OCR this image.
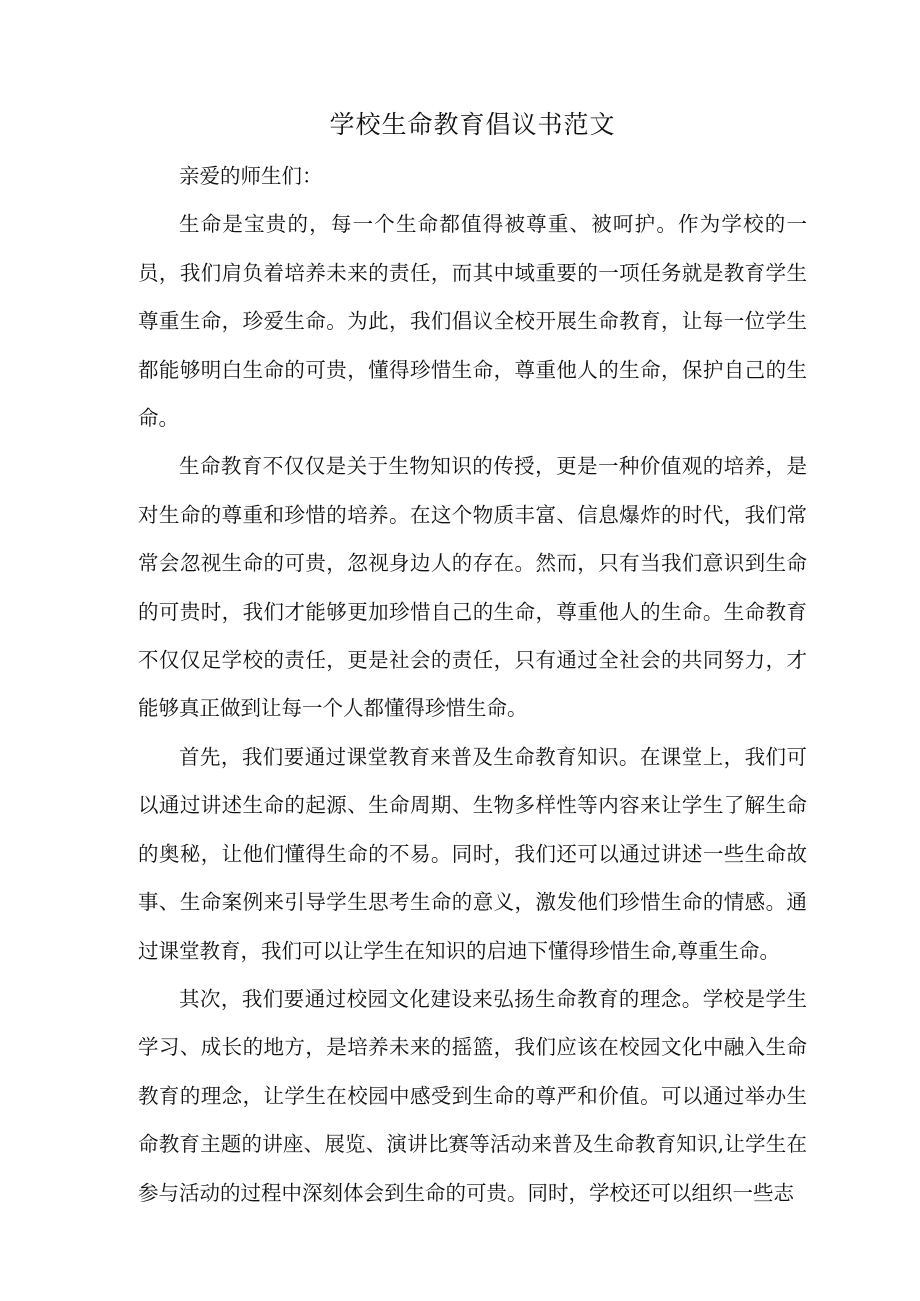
学校生命教育倡议书范文

亲爱的师生们：

生命是宝贵的，每一个生命都值得被尊重、被呵护。作为学校的一员，我们肩负着培养未来的责任，而其中域重要的一项任务就是教育学生尊重生命，珍爱生命。为此，我们倡议全校开展生命教育，让每一位学生都能够明白生命的可贵，懂得珍惜生命，尊重他人的生命，保护自己的生命。

生命教育不仅仅是关于生物知识的传授，更是一种价值观的培养，是对生命的尊重和珍惜的培养。在这个物质丰富、信息爆炸的时代，我们常常会忽视生命的可贵，忽视身边人的存在。然而，只有当我们意识到生命的可贵时，我们才能够更加珍惜自己的生命，尊重他人的生命。生命教育不仅仅足学校的责任，更是社会的责任，只有通过全社会的共同努力，才能够真正做到让每一个人都懂得珍惜生命。

首先，我们要通过课堂教育来普及生命教育知识。在课堂上，我们可以通过讲述生命的起源、生命周期、生物多样性等内容来让学生了解生命的奥秘，让他们懂得生命的不易。同时，我们还可以通过讲述一些生命故事、生命案例来引导学生思考生命的意义，激发他们珍惜生命的情感。通过课堂教育，我们可以让学生在知识的启迪下懂得珍惜生命,尊重生命。

其次，我们要通过校园文化建设来弘扬生命教育的理念。学校是学生学习、成长的地方，是培养未来的摇篮，我们应该在校园文化中融入生命教育的理念，让学生在校园中感受到生命的尊严和价值。可以通过举办生命教育主题的讲座、展览、演讲比赛等活动来普及生命教育知识,让学生在参与活动的过程中深刻体会到生命的可贵。同时，学校还可以组织一些志
